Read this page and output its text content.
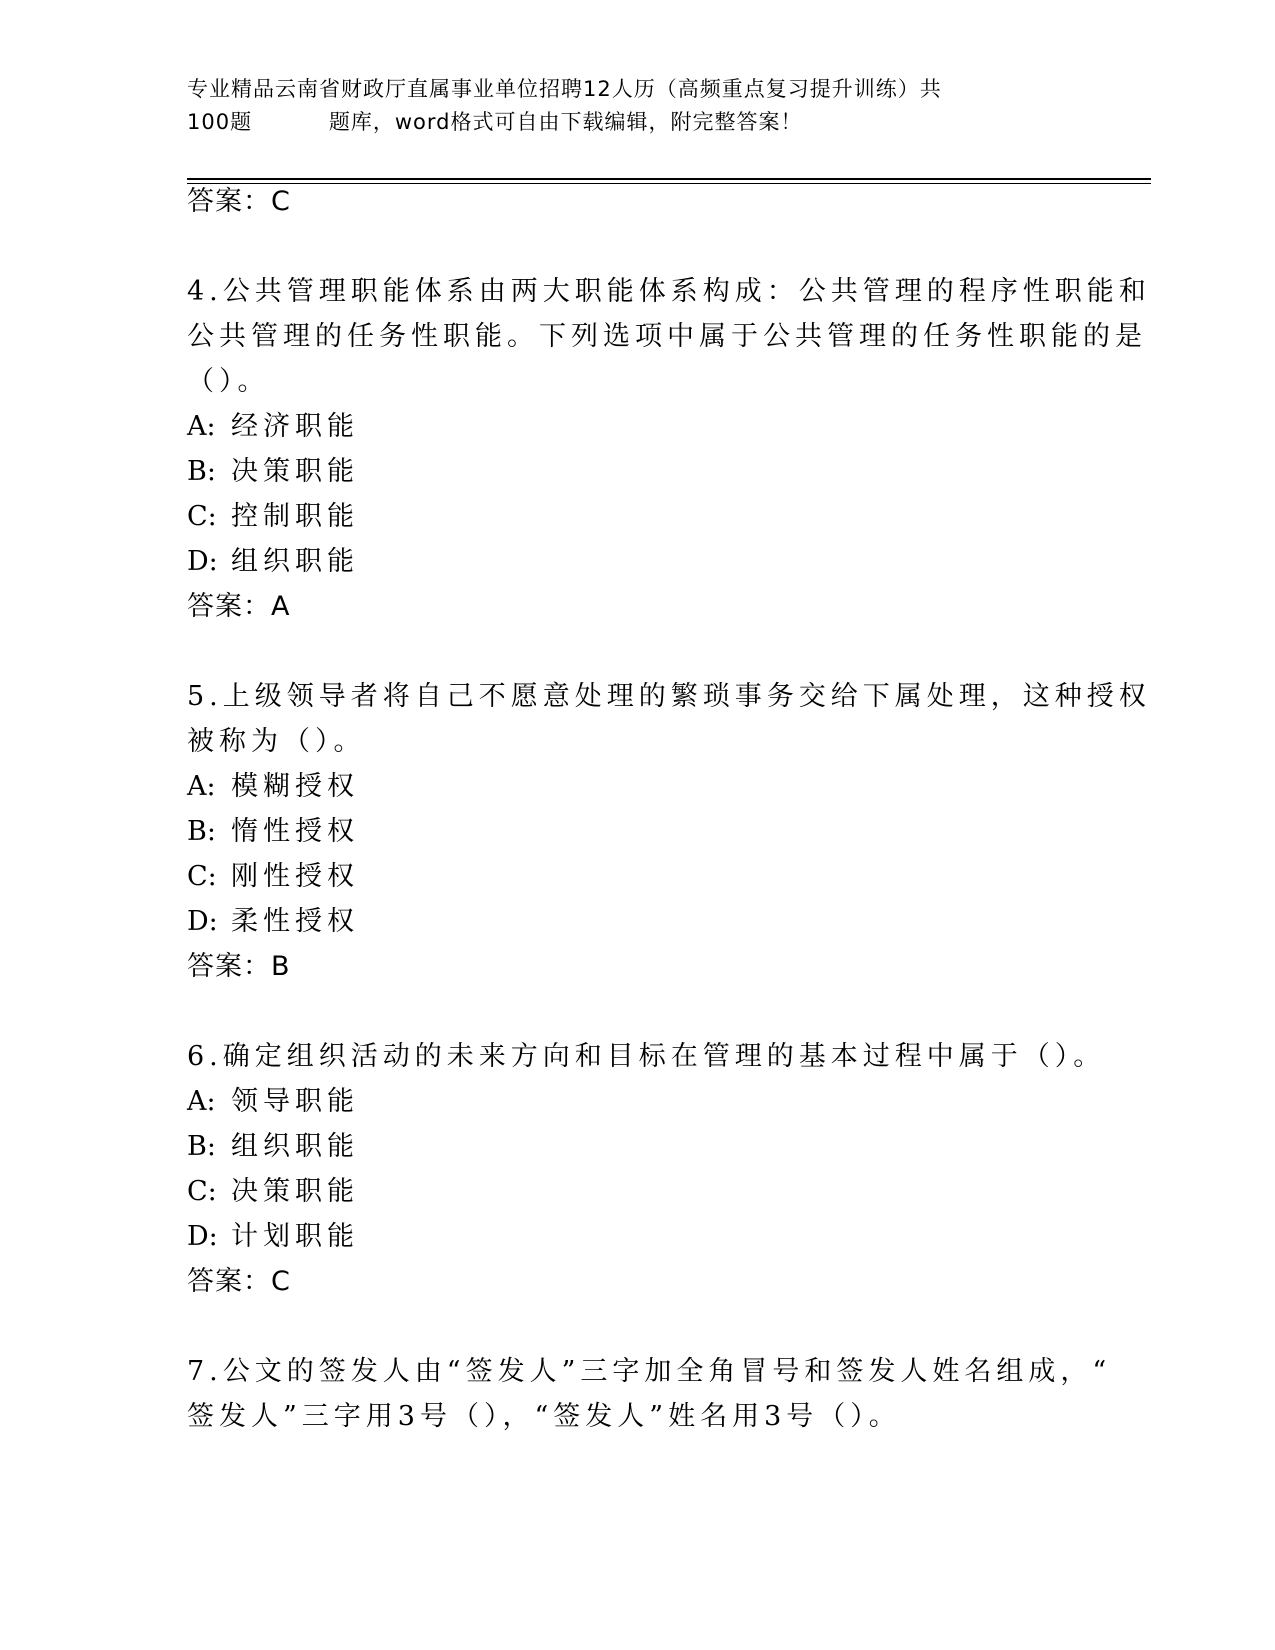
专业精品云南省财政厅直属事业单位招聘12人历（高频重点复习提升训练）共
100题          题库，word格式可自由下载编辑，附完整答案！
答案：C
4.公共管理职能体系由两大职能体系构成：公共管理的程序性职能和
公共管理的任务性职能。下列选项中属于公共管理的任务性职能的是
（）。
A: 经济职能
B: 决策职能
C: 控制职能
D: 组织职能
答案：A
5.上级领导者将自己不愿意处理的繁琐事务交给下属处理，这种授权
被称为（）。
A: 模糊授权
B: 惰性授权
C: 刚性授权
D: 柔性授权
答案：B
6.确定组织活动的未来方向和目标在管理的基本过程中属于（）。
A: 领导职能
B: 组织职能
C: 决策职能
D: 计划职能
答案：C
7.公文的签发人由“签发人”三字加全角冒号和签发人姓名组成，“
签发人”三字用3号（），“签发人”姓名用3号（）。
